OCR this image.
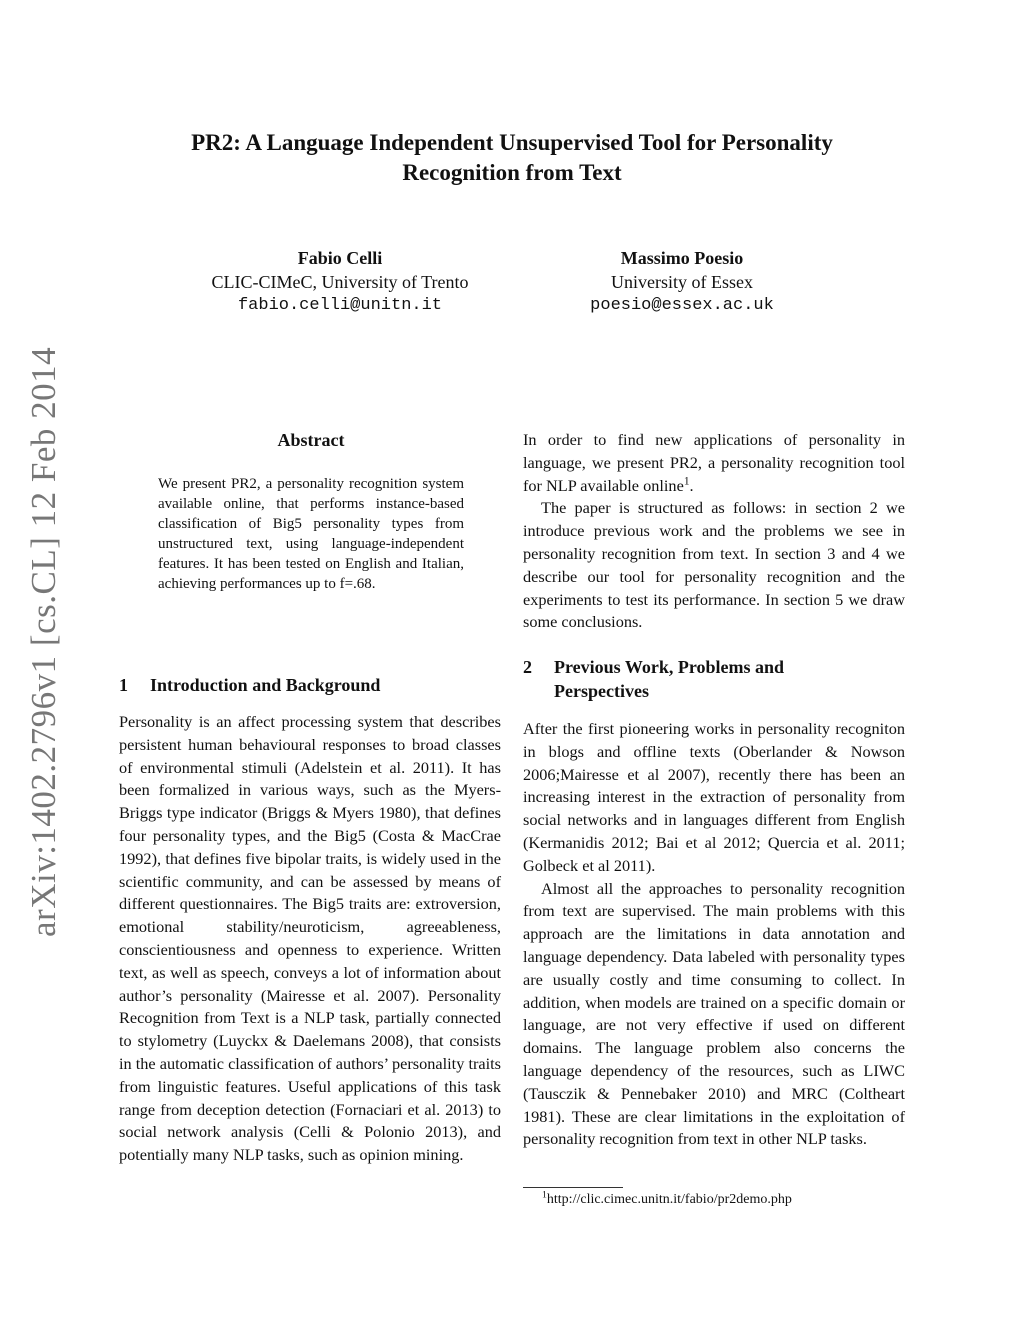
arXiv:1402.2796v1 [cs.CL] 12 Feb 2014
PR2: A Language Independent Unsupervised Tool for Personality
Recognition from Text
Fabio Celli
CLIC-CIMeC, University of Trento
fabio.celli@unitn.it
Massimo Poesio
University of Essex
poesio@essex.ac.uk
Abstract
We present PR2, a personality recognition system available online, that performs instance-based classification of Big5 personality types from unstructured text, using language-independent features. It has been tested on English and Italian, achieving performances up to f=.68.
1 Introduction and Background

Personality is an affect processing system that describes persistent human behavioural responses to broad classes of environmental stimuli (Adelstein et al. 2011). It has been formalized in various ways, such as the Myers-Briggs type indicator (Briggs & Myers 1980), that defines four personality types, and the Big5 (Costa & MacCrae 1992), that defines five bipolar traits, is widely used in the scientific community, and can be assessed by means of different questionnaires. The Big5 traits are: extroversion, emotional stability/neuroticism, agreeableness, conscientiousness and openness to experience. Written text, as well as speech, conveys a lot of information about author’s personality (Mairesse et al. 2007). Personality Recognition from Text is a NLP task, partially connected to stylometry (Luyckx & Daelemans 2008), that consists in the automatic classification of authors’ personality traits from linguistic features. Useful applications of this task range from deception detection (Fornaciari et al. 2013) to social network analysis (Celli & Polonio 2013), and potentially many NLP tasks, such as opinion mining.

In order to find new applications of personality in language, we present PR2, a personality recognition tool for NLP available online$^1$.

The paper is structured as follows: in section 2 we introduce previous work and the problems we see in personality recognition from text. In section 3 and 4 we describe our tool for personality recognition and the experiments to test its performance. In section 5 we draw some conclusions.

2 Previous Work, Problems and
Perspectives

After the first pioneering works in personality recogniton in blogs and offline texts (Oberlander & Nowson 2006;Mairesse et al 2007), recently there has been an increasing interest in the extraction of personality from social networks and in languages different from English (Kermanidis 2012; Bai et al 2012; Quercia et al. 2011; Golbeck et al 2011).

Almost all the approaches to personality recognition from text are supervised. The main problems with this approach are the limitations in data annotation and language dependency. Data labeled with personality types are usually costly and time consuming to collect. In addition, when models are trained on a specific domain or language, are not very effective if used on different domains. The language problem also concerns the language dependency of the resources, such as LIWC (Tausczik & Pennebaker 2010) and MRC (Coltheart 1981). These are clear limitations in the exploitation of personality recognition from text in other NLP tasks.

$^1$http://clic.cimec.unitn.it/fabio/pr2demo.php
